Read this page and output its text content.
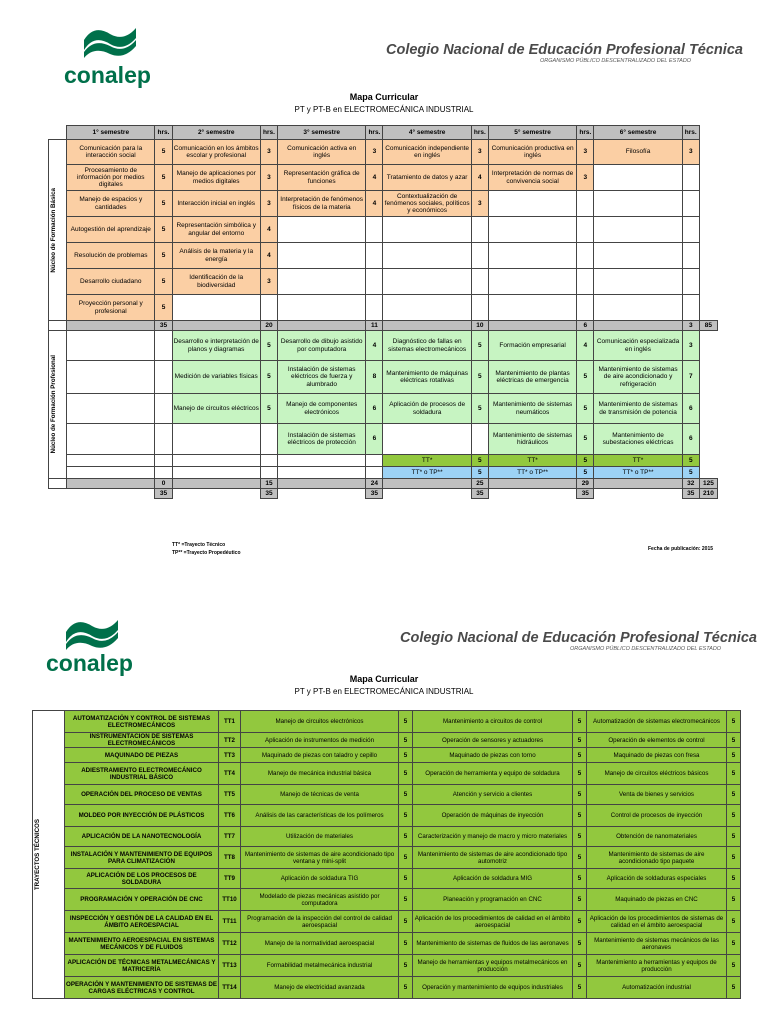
conalep
Colegio Nacional de Educación Profesional Técnica
ORGANISMO PÚBLICO DESCENTRALIZADO DEL ESTADO
Mapa Curricular
PT y PT-B en ELECTROMECÁNICA INDUSTRIAL
	1° semestre	hrs.	2° semestre	hrs.	3° semestre	hrs.	4° semestre	hrs.	5° semestre	hrs.	6° semestre	hrs.	

Núcleo de Formación Básica	Comunicación para la interacción social	5	Comunicación en los ámbitos escolar y profesional	3	Comunicación activa en inglés	3	Comunicación independiente en inglés	3	Comunicación productiva en inglés	3	Filosofía	3	
	Procesamiento de información por medios digitales	5	Manejo de aplicaciones por medios digitales	3	Representación gráfica de funciones	4	Tratamiento de datos y azar	4	Interpretación de normas de convivencia social	3			
	Manejo de espacios y cantidades	5	Interacción inicial en inglés	3	Interpretación de fenómenos físicos de la materia	4	Contextualización de fenómenos sociales, políticos y económicos	3					
	Autogestión del aprendizaje	5	Representación simbólica y angular del entorno	4									
	Resolución de problemas	5	Análisis de la materia y la energía	4									
	Desarrollo ciudadano	5	Identificación de la biodiversidad	3									
	Proyección personal y profesional	5											
		35		20		11		10		6		3	85

Núcleo de Formación Profesional			Desarrollo e interpretación de planos y diagramas	5	Desarrollo de dibujo asistido por computadora	4	Diagnóstico de fallas en sistemas electromecánicos	5	Formación empresarial	4	Comunicación especializada en inglés	3	
			Medición de variables físicas	5	Instalación de sistemas eléctricos de fuerza y alumbrado	8	Mantenimiento de máquinas eléctricas rotativas	5	Mantenimiento de plantas eléctricas de emergencia	5	Mantenimiento de sistemas de aire acondicionado y refrigeración	7	
			Manejo de circuitos eléctricos	5	Manejo de componentes electrónicos	6	Aplicación de procesos de soldadura	5	Mantenimiento de sistemas neumáticos	5	Mantenimiento de sistemas de transmisión de potencia	6	
					Instalación de sistemas eléctricos de protección	6			Mantenimiento de sistemas hidráulicos	5	Mantenimiento de subestaciones eléctricas	6	
							TT*	5	TT*	5	TT*	5	
							TT* o TP**	5	TT* o TP**	5	TT* o TP**	5	
		0		15		24		25		29		32	125
		35		35		35		35		35		35	210
TT* =Trayecto Técnico
TP** =Trayecto Propedéutico
Fecha de publicación: 2015
conalep
Colegio Nacional de Educación Profesional Técnica
ORGANISMO PÚBLICO DESCENTRALIZADO DEL ESTADO
Mapa Curricular
PT y PT-B en ELECTROMECÁNICA INDUSTRIAL
TRAYECTOS TÉCNICOS	AUTOMATIZACIÓN Y CONTROL DE SISTEMAS ELECTROMECÁNICOS	TT1	Manejo de circuitos electrónicos	5	Mantenimiento a circuitos de control	5	Automatización de sistemas electromecánicos	5
	INSTRUMENTACIÓN DE SISTEMAS ELECTROMECÁNICOS	TT2	Aplicación de instrumentos de medición	5	Operación de sensores y actuadores	5	Operación de elementos de control	5
	MAQUINADO DE PIEZAS	TT3	Maquinado de piezas con taladro y cepillo	5	Maquinado de piezas con torno	5	Maquinado de piezas con fresa	5
	ADIESTRAMIENTO ELECTROMECÁNICO INDUSTRIAL BÁSICO	TT4	Manejo de mecánica industrial básica	5	Operación de herramienta y equipo de soldadura	5	Manejo de circuitos eléctricos básicos	5
	OPERACIÓN DEL PROCESO DE VENTAS	TT5	Manejo de técnicas de venta	5	Atención y servicio a clientes	5	Venta de bienes y servicios	5
	MOLDEO POR INYECCIÓN DE PLÁSTICOS	TT6	Análisis de las características de los polímeros	5	Operación de máquinas de inyección	5	Control de procesos de inyección	5
	APLICACIÓN DE LA NANOTECNOLOGÍA	TT7	Utilización de materiales	5	Caracterización y manejo de macro y micro materiales	5	Obtención de nanomateriales	5
	INSTALACIÓN Y MANTENIMIENTO DE EQUIPOS PARA CLIMATIZACIÓN	TT8	Mantenimiento de sistemas de aire acondicionado tipo ventana y mini-split	5	Mantenimiento de sistemas de aire acondicionado tipo automotriz	5	Mantenimiento de sistemas de aire acondicionado tipo paquete	5
	APLICACIÓN DE LOS PROCESOS DE SOLDADURA	TT9	Aplicación de soldadura TIG	5	Aplicación de soldadura MIG	5	Aplicación de soldaduras especiales	5
	PROGRAMACIÓN Y OPERACIÓN DE CNC	TT10	Modelado de piezas mecánicas asistido por computadora	5	Planeación y programación en CNC	5	Maquinado de piezas en CNC	5
	INSPECCIÓN Y GESTIÓN DE LA CALIDAD EN EL ÁMBITO AEROESPACIAL	TT11	Programación de la inspección del control de calidad aeroespacial	5	Aplicación de los procedimientos de calidad en el ámbito aeroespacial	5	Aplicación de los procedimientos de sistemas de calidad en el ámbito aeroespacial	5
	MANTENIMIENTO AEROESPACIAL EN SISTEMAS MECÁNICOS Y DE FLUIDOS	TT12	Manejo de la normatividad aeroespacial	5	Mantenimiento de sistemas de fluidos de las aeronaves	5	Mantenimiento de sistemas mecánicos de las aeronaves	5
	APLICACIÓN DE TÉCNICAS METALMECÁNICAS Y MATRICERÍA	TT13	Formabilidad metalmecánica industrial	5	Manejo de herramientas y equipos metalmecánicos en producción	5	Mantenimiento a herramientas y equipos de producción	5
	OPERACIÓN Y MANTENIMIENTO DE SISTEMAS DE CARGAS ELÉCTRICAS Y CONTROL	TT14	Manejo de electricidad avanzada	5	Operación y mantenimiento de equipos industriales	5	Automatización industrial	5
